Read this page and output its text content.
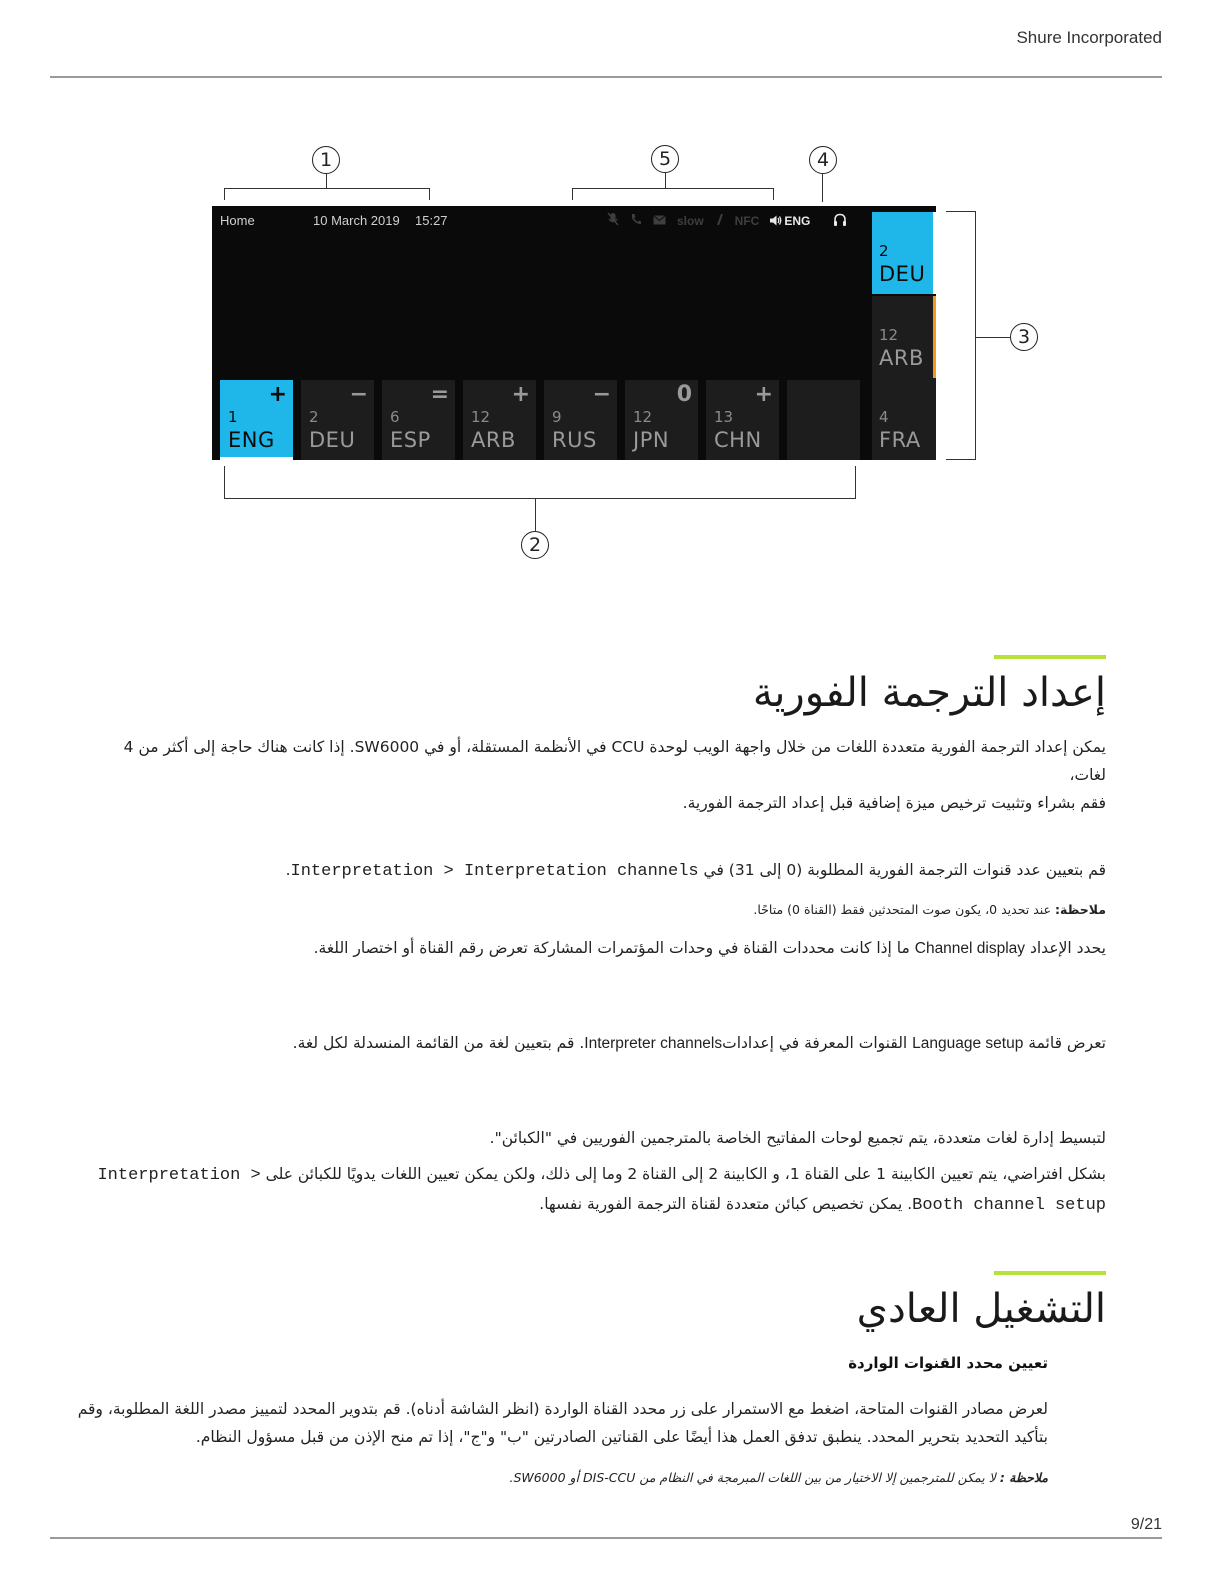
Shure Incorporated
1	5	4
3
2
Home	10 March 2019 15:27	slow	NFC ENG
+
1
ENG
−
2
DEU
=
6
ESP
+
12
ARB
−
9
RUS
0
12
JPN
+
13
CHN
2
DEU
12
ARB
4
FRA
إعداد الترجمة الفورية
يمكن إعداد الترجمة الفورية متعددة اللغات من خلال واجهة الويب لوحدة CCU في الأنظمة المستقلة، أو في SW6000. إذا كانت هناك حاجة إلى أكثر من 4 لغات،
فقم بشراء وتثبيت ترخيص ميزة إضافية قبل إعداد الترجمة الفورية.
قم بتعيين عدد قنوات الترجمة الفورية المطلوبة (0 إلى 31) في Interpretation > Interpretation channels.
ملاحظة: عند تحديد 0، يكون صوت المتحدثين فقط (القناة 0) متاحًا.
يحدد الإعداد Channel display ما إذا كانت محددات القناة في وحدات المؤتمرات المشاركة تعرض رقم القناة أو اختصار اللغة.
تعرض قائمة Language setup القنوات المعرفة في إعداداتInterpreter channels. قم بتعيين لغة من القائمة المنسدلة لكل لغة.
لتبسيط إدارة لغات متعددة، يتم تجميع لوحات المفاتيح الخاصة بالمترجمين الفوريين في "الكبائن".
بشكل افتراضي، يتم تعيين الكابينة 1 على القناة 1، و الكابينة 2 إلى القناة 2 وما إلى ذلك، ولكن يمكن تعيين اللغات يدويًا للكبائن على Interpretation >
Booth channel setup. يمكن تخصيص كبائن متعددة لقناة الترجمة الفورية نفسها.
التشغيل العادي
تعيين محدد القنوات الواردة
لعرض مصادر القنوات المتاحة، اضغط مع الاستمرار على زر محدد القناة الواردة (انظر الشاشة أدناه). قم بتدوير المحدد لتمييز مصدر اللغة المطلوبة، وقم
بتأكيد التحديد بتحرير المحدد. ينطبق تدفق العمل هذا أيضًا على القناتين الصادرتين "ب" و"ج"، إذا تم منح الإذن من قبل مسؤول النظام.
ملاحظة : لا يمكن للمترجمين إلا الاختيار من بين اللغات المبرمجة في النظام من DIS-CCU أو SW6000.
9/21
